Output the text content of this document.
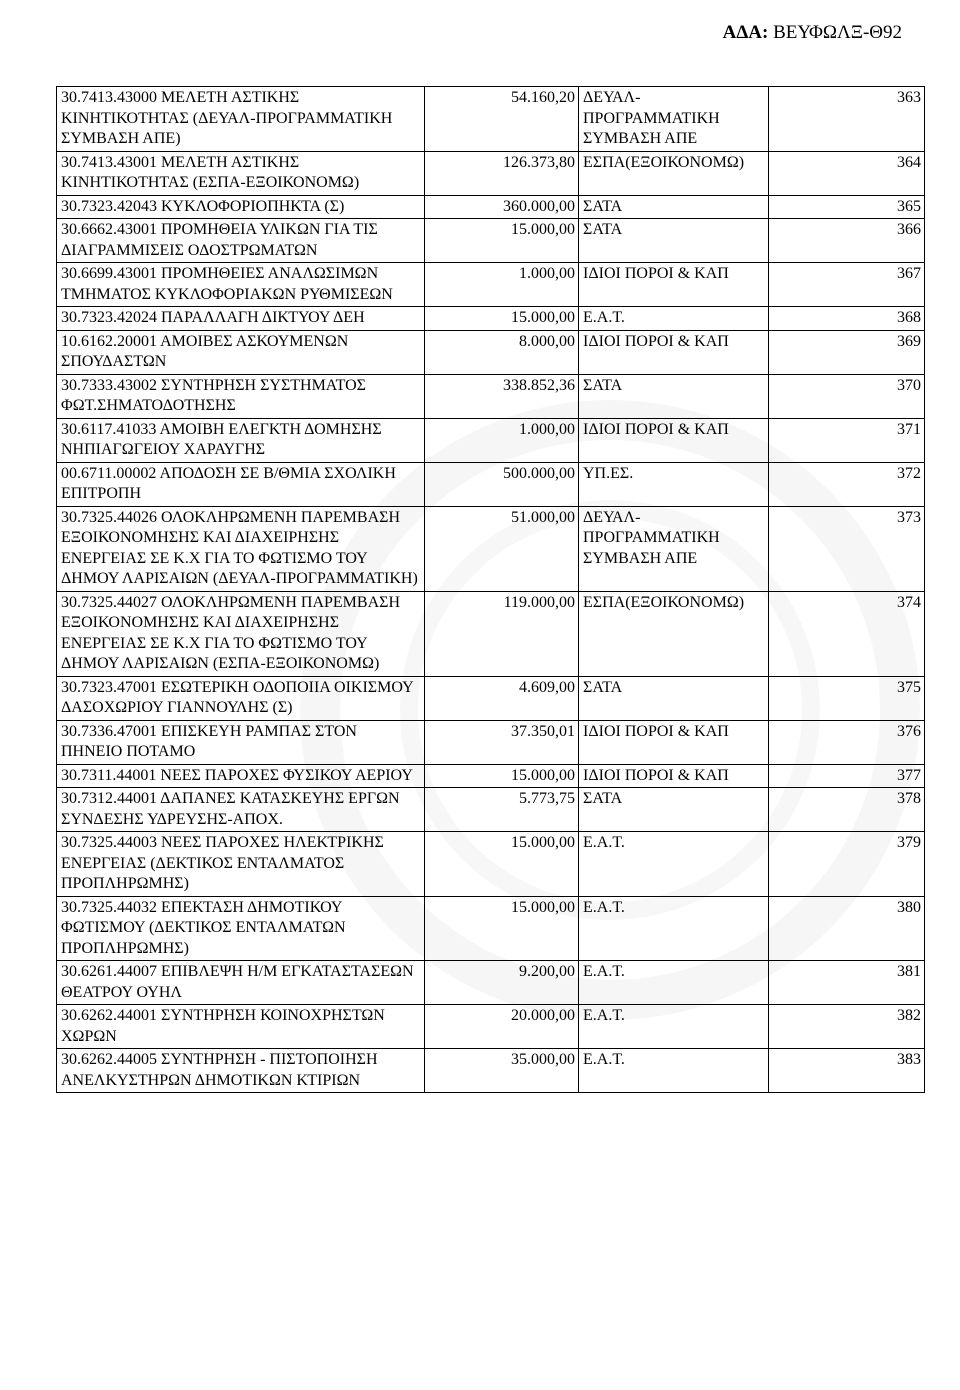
ΑΔΑ: ΒΕΥΦΩΛΞ-Θ92
30.7413.43000 ΜΕΛΕΤΗ ΑΣΤΙΚΗΣ ΚΙΝΗΤΙΚΟΤΗΤΑΣ (ΔΕΥΑΛ-ΠΡΟΓΡΑΜΜΑΤΙΚΗ ΣΥΜΒΑΣΗ ΑΠΕ)	54.160,20	ΔΕΥΑΛ-ΠΡΟΓΡΑΜΜΑΤΙΚΗ ΣΥΜΒΑΣΗ ΑΠΕ	363
30.7413.43001 ΜΕΛΕΤΗ ΑΣΤΙΚΗΣ ΚΙΝΗΤΙΚΟΤΗΤΑΣ (ΕΣΠΑ-ΕΞΟΙΚΟΝΟΜΩ)	126.373,80	ΕΣΠΑ(ΕΞΟΙΚΟΝΟΜΩ)	364
30.7323.42043 ΚΥΚΛΟΦΟΡΙΟΠΗΚΤΑ (Σ)	360.000,00	ΣΑΤΑ	365
30.6662.43001 ΠΡΟΜΗΘΕΙΑ ΥΛΙΚΩΝ ΓΙΑ ΤΙΣ ΔΙΑΓΡΑΜΜΙΣΕΙΣ ΟΔΟΣΤΡΩΜΑΤΩΝ	15.000,00	ΣΑΤΑ	366
30.6699.43001 ΠΡΟΜΗΘΕΙΕΣ ΑΝΑΛΩΣΙΜΩΝ ΤΜΗΜΑΤΟΣ ΚΥΚΛΟΦΟΡΙΑΚΩΝ ΡΥΘΜΙΣΕΩΝ	1.000,00	ΙΔΙΟΙ ΠΟΡΟΙ & ΚΑΠ	367
30.7323.42024 ΠΑΡΑΛΛΑΓΗ ΔΙΚΤΥΟΥ ΔΕΗ	15.000,00	Ε.Α.Τ.	368
10.6162.20001 ΑΜΟΙΒΕΣ ΑΣΚΟΥΜΕΝΩΝ ΣΠΟΥΔΑΣΤΩΝ	8.000,00	ΙΔΙΟΙ ΠΟΡΟΙ & ΚΑΠ	369
30.7333.43002 ΣΥΝΤΗΡΗΣΗ ΣΥΣΤΗΜΑΤΟΣ ΦΩΤ.ΣΗΜΑΤΟΔΟΤΗΣΗΣ	338.852,36	ΣΑΤΑ	370
30.6117.41033 ΑΜΟΙΒΗ ΕΛΕΓΚΤΗ ΔΟΜΗΣΗΣ ΝΗΠΙΑΓΩΓΕΙΟΥ ΧΑΡΑΥΓΗΣ	1.000,00	ΙΔΙΟΙ ΠΟΡΟΙ & ΚΑΠ	371
00.6711.00002 ΑΠΟΔΟΣΗ ΣΕ Β/ΘΜΙΑ ΣΧΟΛΙΚΗ ΕΠΙΤΡΟΠΗ	500.000,00	ΥΠ.ΕΣ.	372
30.7325.44026 ΟΛΟΚΛΗΡΩΜΕΝΗ ΠΑΡΕΜΒΑΣΗ ΕΞΟΙΚΟΝΟΜΗΣΗΣ ΚΑΙ ΔΙΑΧΕΙΡΗΣΗΣ ΕΝΕΡΓΕΙΑΣ ΣΕ Κ.Χ ΓΙΑ ΤΟ ΦΩΤΙΣΜΟ ΤΟΥ ΔΗΜΟΥ ΛΑΡΙΣΑΙΩΝ (ΔΕΥΑΛ-ΠΡΟΓΡΑΜΜΑΤΙΚΗ)	51.000,00	ΔΕΥΑΛ-ΠΡΟΓΡΑΜΜΑΤΙΚΗ ΣΥΜΒΑΣΗ ΑΠΕ	373
30.7325.44027 ΟΛΟΚΛΗΡΩΜΕΝΗ ΠΑΡΕΜΒΑΣΗ ΕΞΟΙΚΟΝΟΜΗΣΗΣ ΚΑΙ ΔΙΑΧΕΙΡΗΣΗΣ ΕΝΕΡΓΕΙΑΣ ΣΕ Κ.Χ ΓΙΑ ΤΟ ΦΩΤΙΣΜΟ ΤΟΥ ΔΗΜΟΥ ΛΑΡΙΣΑΙΩΝ (ΕΣΠΑ-ΕΞΟΙΚΟΝΟΜΩ)	119.000,00	ΕΣΠΑ(ΕΞΟΙΚΟΝΟΜΩ)	374
30.7323.47001 ΕΣΩΤΕΡΙΚΗ ΟΔΟΠΟΙΙΑ ΟΙΚΙΣΜΟΥ ΔΑΣΟΧΩΡΙΟΥ ΓΙΑΝΝΟΥΛΗΣ (Σ)	4.609,00	ΣΑΤΑ	375
30.7336.47001 ΕΠΙΣΚΕΥΗ ΡΑΜΠΑΣ ΣΤΟΝ ΠΗΝΕΙΟ ΠΟΤΑΜΟ	37.350,01	ΙΔΙΟΙ ΠΟΡΟΙ & ΚΑΠ	376
30.7311.44001 ΝΕΕΣ ΠΑΡΟΧΕΣ ΦΥΣΙΚΟΥ ΑΕΡΙΟΥ	15.000,00	ΙΔΙΟΙ ΠΟΡΟΙ & ΚΑΠ	377
30.7312.44001 ΔΑΠΑΝΕΣ ΚΑΤΑΣΚΕΥΗΣ ΕΡΓΩΝ ΣΥΝΔΕΣΗΣ ΥΔΡΕΥΣΗΣ-ΑΠΟΧ.	5.773,75	ΣΑΤΑ	378
30.7325.44003 ΝΕΕΣ ΠΑΡΟΧΕΣ ΗΛΕΚΤΡΙΚΗΣ ΕΝΕΡΓΕΙΑΣ (ΔΕΚΤΙΚΟΣ ΕΝΤΑΛΜΑΤΟΣ ΠΡΟΠΛΗΡΩΜΗΣ)	15.000,00	Ε.Α.Τ.	379
30.7325.44032 ΕΠΕΚΤΑΣΗ ΔΗΜΟΤΙΚΟΥ ΦΩΤΙΣΜΟΥ (ΔΕΚΤΙΚΟΣ ΕΝΤΑΛΜΑΤΩΝ ΠΡΟΠΛΗΡΩΜΗΣ)	15.000,00	Ε.Α.Τ.	380
30.6261.44007 ΕΠΙΒΛΕΨΗ Η/Μ ΕΓΚΑΤΑΣΤΑΣΕΩΝ ΘΕΑΤΡΟΥ ΟΥΗΛ	9.200,00	Ε.Α.Τ.	381
30.6262.44001 ΣΥΝΤΗΡΗΣΗ ΚΟΙΝΟΧΡΗΣΤΩΝ ΧΩΡΩΝ	20.000,00	Ε.Α.Τ.	382
30.6262.44005 ΣΥΝΤΗΡΗΣΗ - ΠΙΣΤΟΠΟΙΗΣΗ ΑΝΕΛΚΥΣΤΗΡΩΝ ΔΗΜΟΤΙΚΩΝ ΚΤΙΡΙΩΝ	35.000,00	Ε.Α.Τ.	383
